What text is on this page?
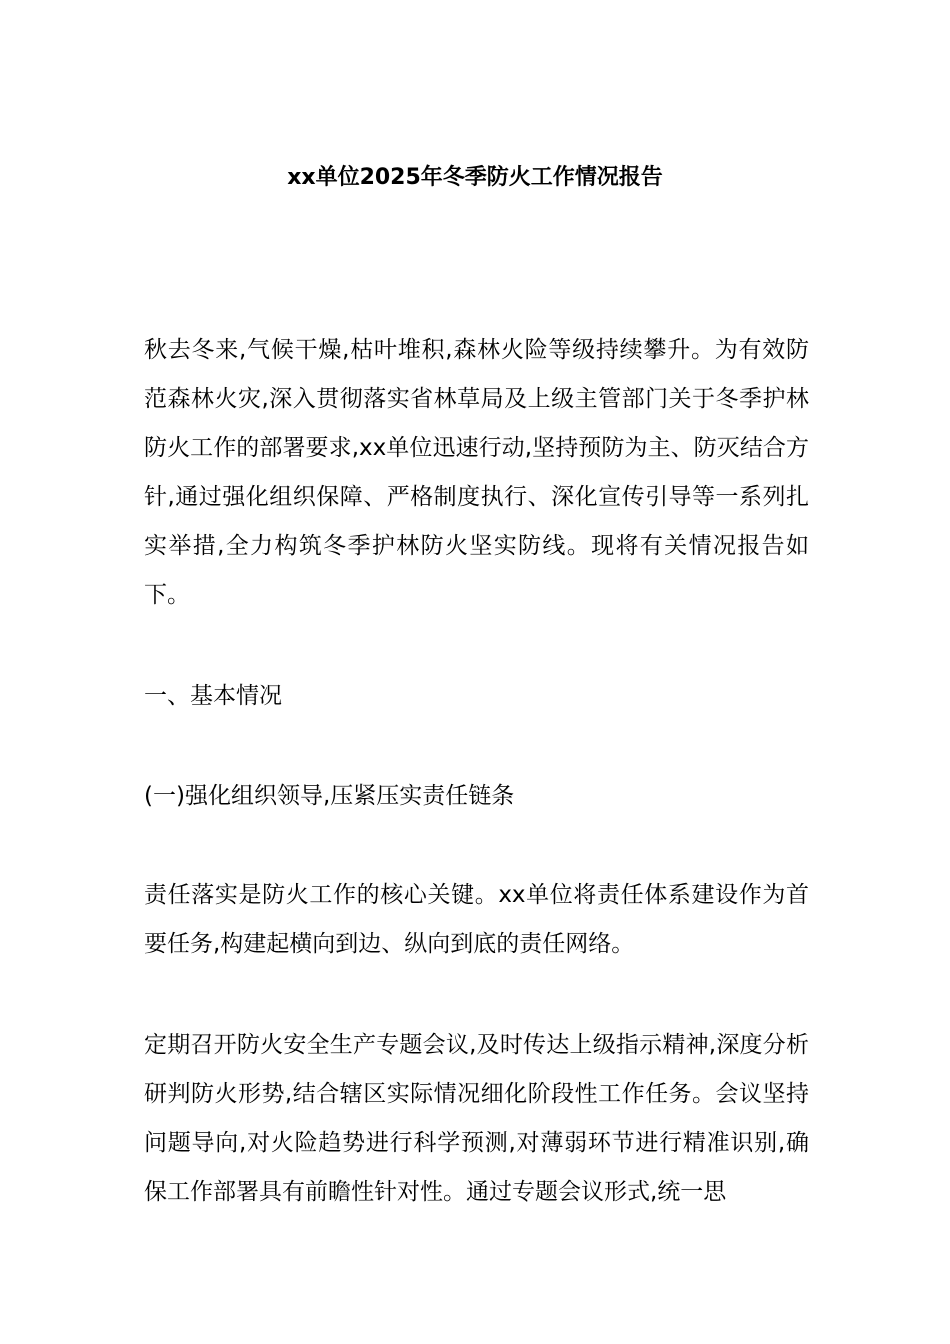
xx单位2025年冬季防火工作情况报告

秋去冬来,气候干燥,枯叶堆积,森林火险等级持续攀升。为有效防范森林火灾,深入贯彻落实省林草局及上级主管部门关于冬季护林防火工作的部署要求,xx单位迅速行动,坚持预防为主、防灭结合方针,通过强化组织保障、严格制度执行、深化宣传引导等一系列扎实举措,全力构筑冬季护林防火坚实防线。现将有关情况报告如下。

一、基本情况

(一)强化组织领导,压紧压实责任链条

责任落实是防火工作的核心关键。xx单位将责任体系建设作为首要任务,构建起横向到边、纵向到底的责任网络。

定期召开防火安全生产专题会议,及时传达上级指示精神,深度分析研判防火形势,结合辖区实际情况细化阶段性工作任务。会议坚持问题导向,对火险趋势进行科学预测,对薄弱环节进行精准识别,确保工作部署具有前瞻性针对性。通过专题会议形式,统一思
